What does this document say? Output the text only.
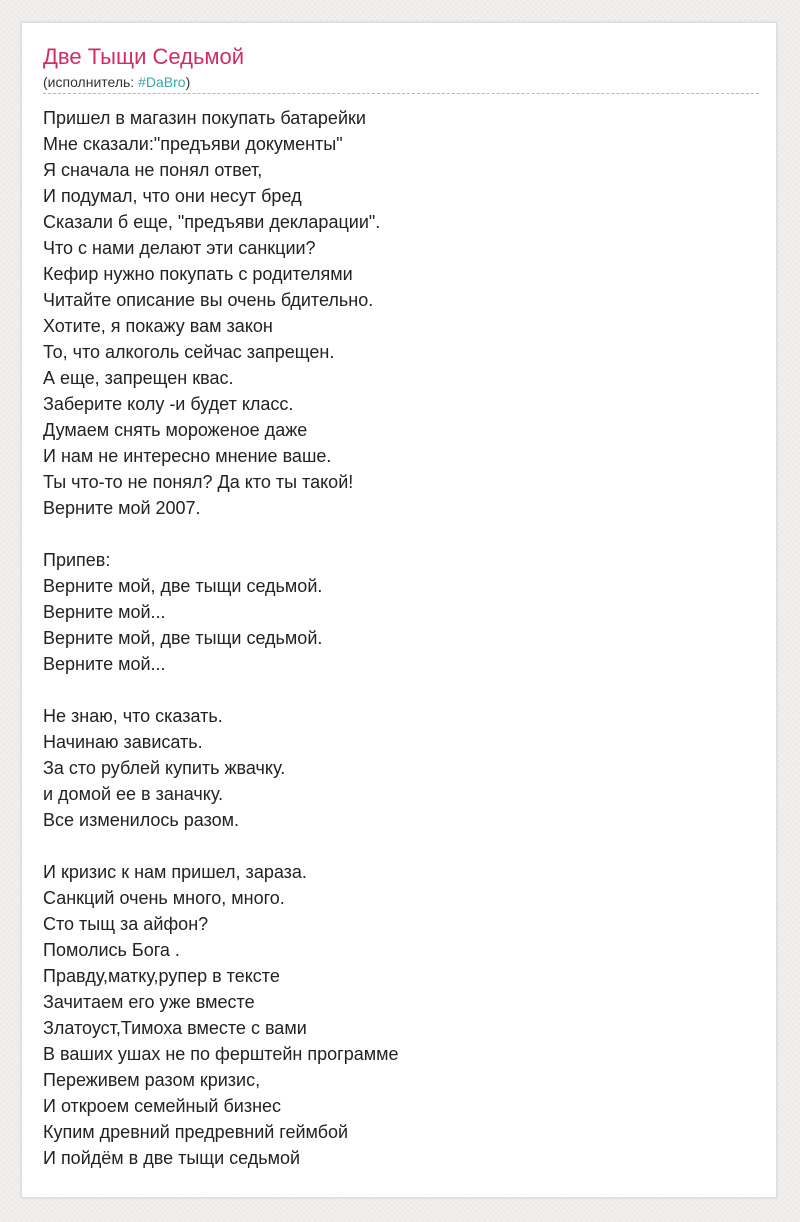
Две Тыщи Седьмой
(исполнитель: #DaBro)
Пришел в магазин покупать батарейки
Мне сказали:"предъяви документы"
Я сначала не понял ответ,
И подумал, что они несут бред
Сказали б еще, "предъяви декларации".
Что с нами делают эти санкции?
Кефир нужно покупать с родителями
Читайте описание вы очень бдительно.
Хотите, я покажу вам закон
То, что алкоголь сейчас запрещен.
А еще, запрещен квас.
Заберите колу -и будет класс.
Думаем снять мороженое даже
И нам не интересно мнение ваше.
Ты что-то не понял? Да кто ты такой!
Верните мой 2007.
Припев:
Верните мой, две тыщи седьмой.
Верните мой...
Верните мой, две тыщи седьмой.
Верните мой...
Не знаю, что сказать.
Начинаю зависать.
За сто рублей купить жвачку.
и домой ее в заначку.
Все изменилось разом.
И кризис к нам пришел, зараза.
Санкций очень много, много.
Сто тыщ за айфон?
Помолись Бога .
Правду,матку,рупер в тексте
Зачитаем его уже вместе
Златоуст,Тимоха вместе с вами
В ваших ушах не по ферштейн программе
Переживем разом кризис,
И откроем семейный бизнес
Купим древний предревний геймбой
И пойдём в две тыщи седьмой
